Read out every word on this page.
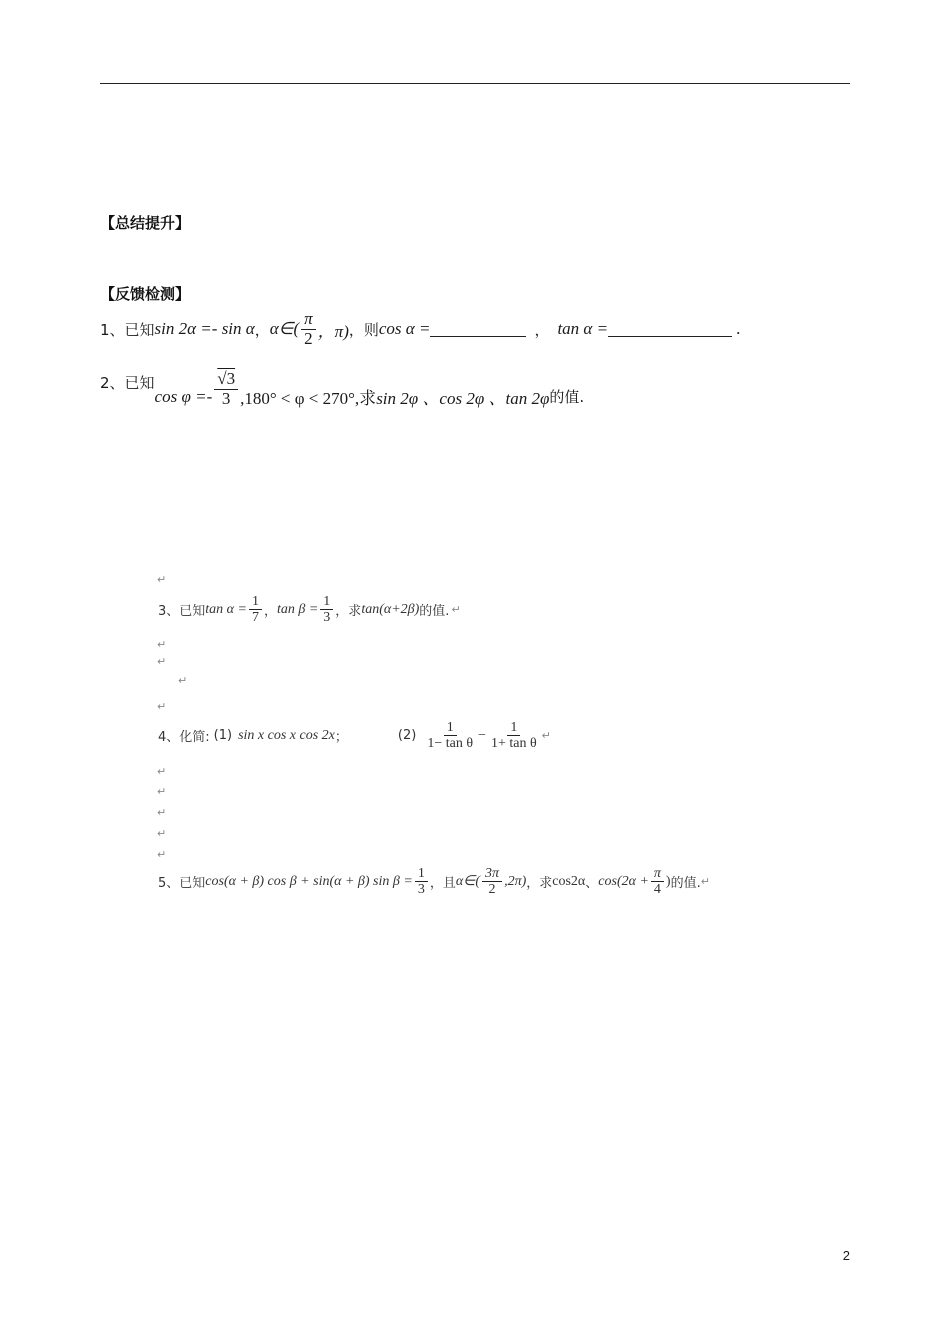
【总结提升】
【反馈检测】
1、已知 sin 2α =- sin α ， α∈( $\frac{\pi}{2}$ ，π) ，则 cos α =	， tan α =	.
2、已知
$\cos \varphi =- \frac{√3}{3} ,180^\circ < \varphi < 270^\circ$,求 sin 2φ 、cos 2φ 、tan 2φ 的值.
↵
3、已知 $\tan \alpha = \frac{1}{7}$ ， $\tan \beta = \frac{1}{3}$ ，求 tan(α+2β) 的值. ↵
↵
↵
↵
↵
4、化简: (1) sin x cos x cos 2x ；	$(2) \frac{1}{\text{1− tan θ}} - \frac{1}{\text{1+ tan θ}}$ ↵
↵
↵
↵
↵
↵
5、已知 cos(α + β) cos β + sin(α + β) $\sin \beta = \frac{1}{3}$ ，且 α∈( $\frac{3\pi}{2} ,2\pi$) ，求 cos2α 、 $\cos(2\alpha + \frac{\pi}{4}$ ) 的值. ↵
2
